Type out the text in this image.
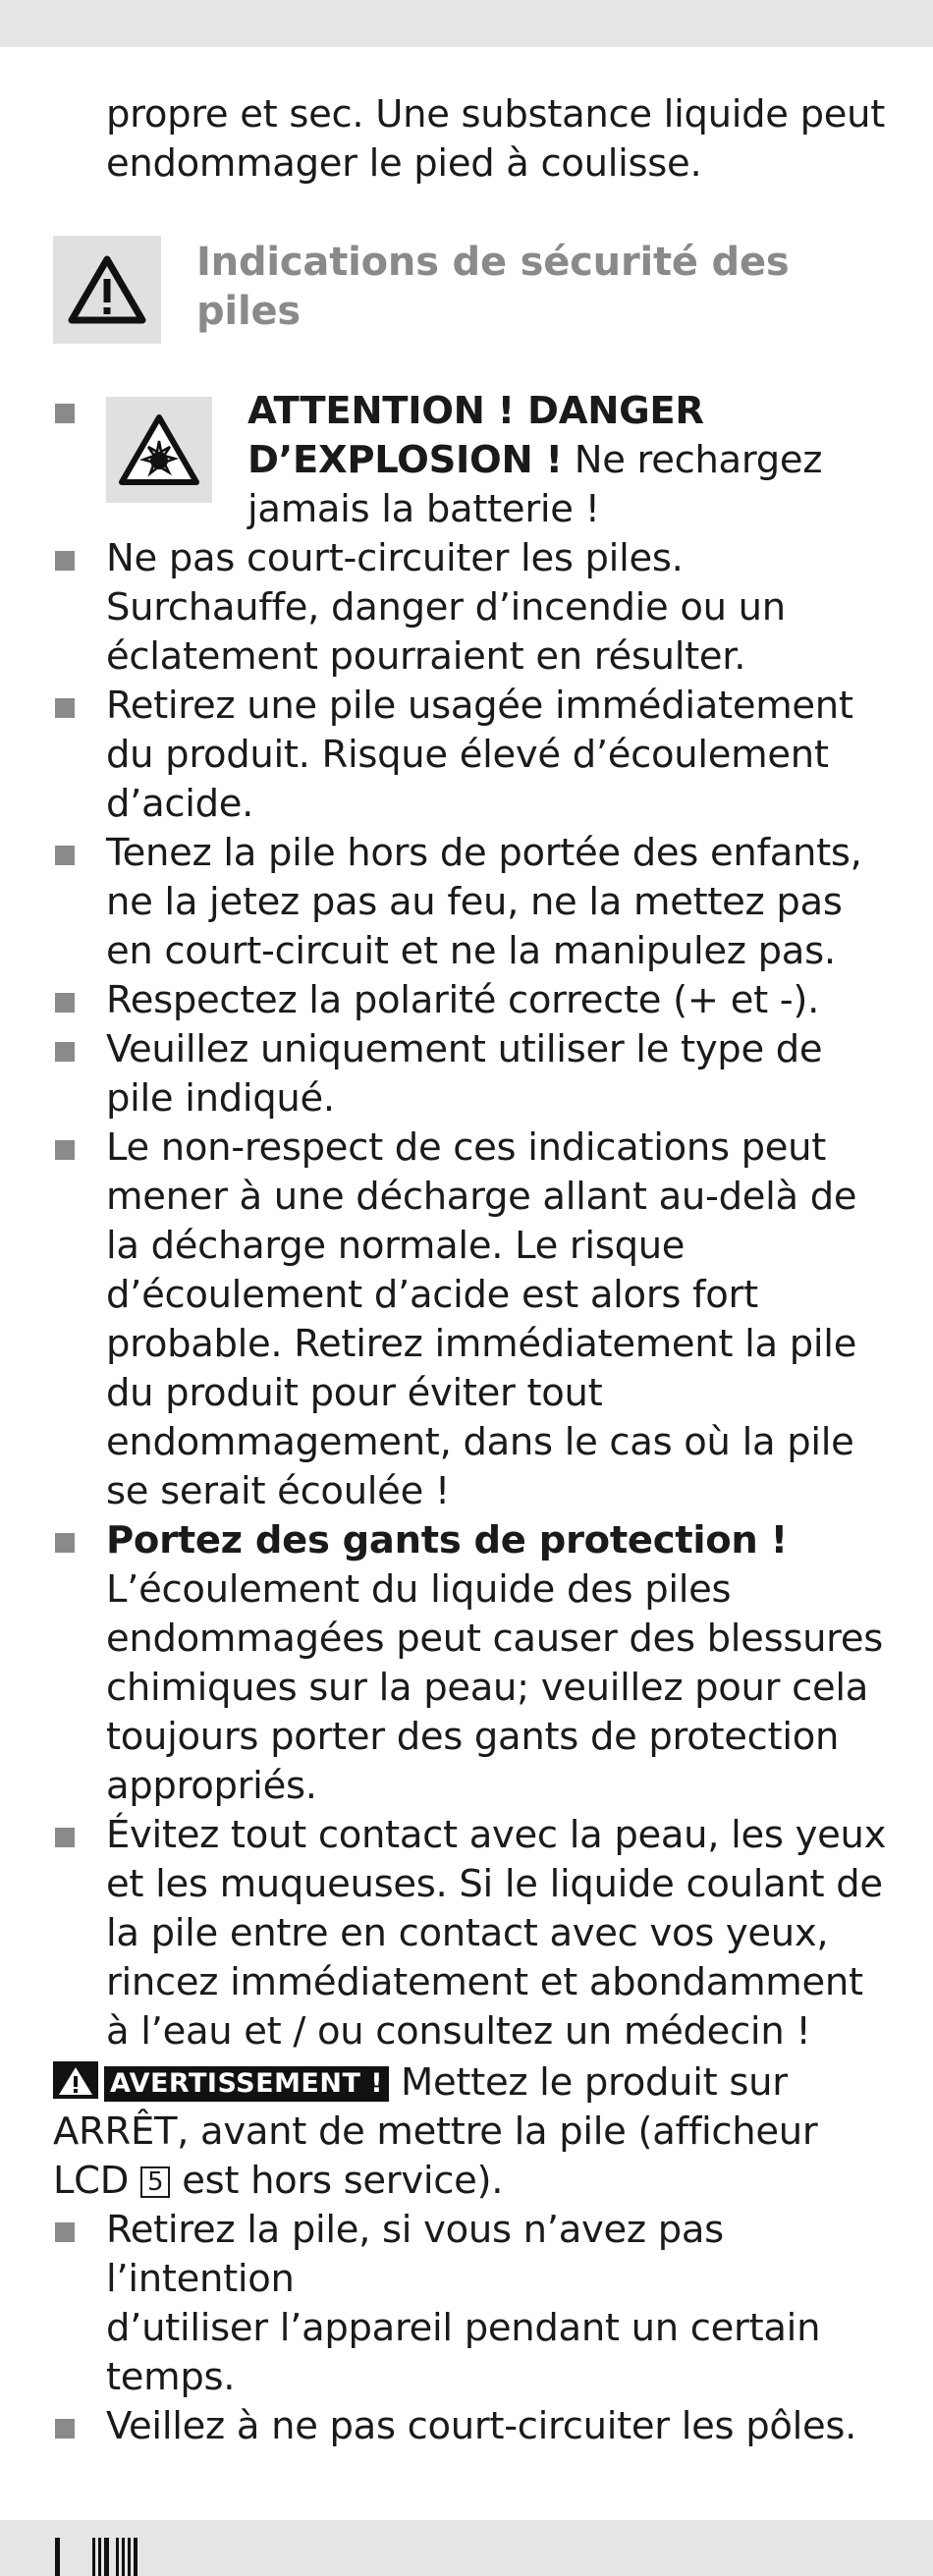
propre et sec. Une substance liquide peut
endommager le pied à coulisse.

Indications de sécurité des
piles
ATTENTION ! DANGER
D’EXPLOSION ! Ne rechargez
jamais la batterie !
Ne pas court-circuiter les piles.
Surchauffe, danger d’incendie ou un
éclatement pourraient en résulter.
Retirez une pile usagée immédiatement
du produit. Risque élevé d’écoulement
d’acide.
Tenez la pile hors de portée des enfants,
ne la jetez pas au feu, ne la mettez pas
en court-circuit et ne la manipulez pas.
Respectez la polarité correcte (+ et -).
Veuillez uniquement utiliser le type de
pile indiqué.
Le non-respect de ces indications peut
mener à une décharge allant au-delà de
la décharge normale. Le risque
d’écoulement d’acide est alors fort
probable. Retirez immédiatement la pile
du produit pour éviter tout
endommagement, dans le cas où la pile
se serait écoulée !
Portez des gants de protection !
L’écoulement du liquide des piles
endommagées peut causer des blessures
chimiques sur la peau; veuillez pour cela
toujours porter des gants de protection
appropriés.
Évitez tout contact avec la peau, les yeux
et les muqueuses. Si le liquide coulant de
la pile entre en contact avec vos yeux,
rincez immédiatement et abondamment
à l’eau et / ou consultez un médecin !
AVERTISSEMENT ! Mettez le produit sur
ARRÊT, avant de mettre la pile (afficheur
LCD 5 est hors service).
Retirez la pile, si vous n’avez pas l’intention
d’utiliser l’appareil pendant un certain
temps.
Veillez à ne pas court-circuiter les pôles.
